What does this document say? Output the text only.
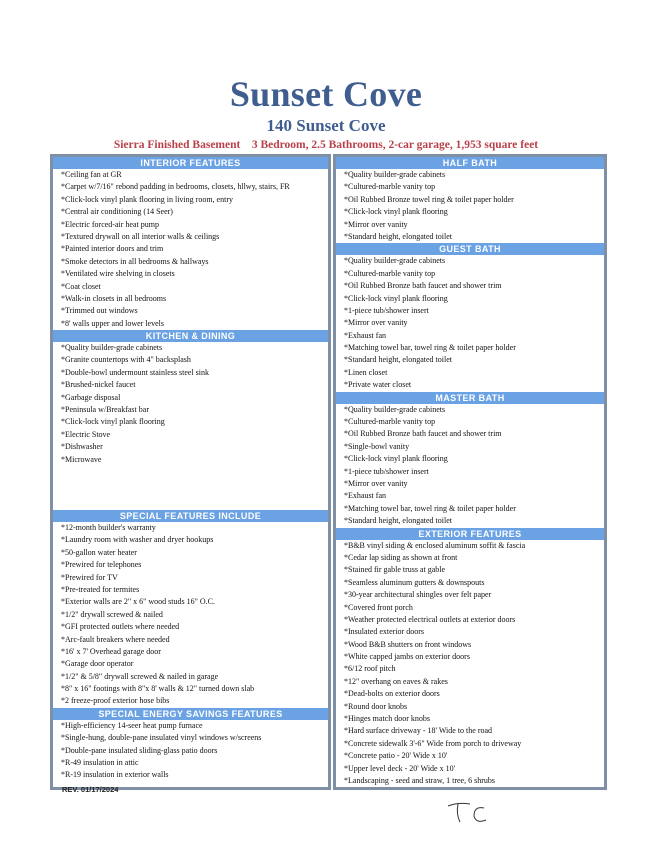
Sunset Cove
140 Sunset Cove
Sierra Finished Basement    3 Bedroom, 2.5 Bathrooms, 2-car garage, 1,953 square feet
INTERIOR FEATURES
*Ceiling fan at GR
*Carpet w/7/16" rebond padding in bedrooms, closets, hllwy, stairs, FR
*Click-lock vinyl plank flooring in living room, entry
*Central air conditioning (14 Seer)
*Electric forced-air heat pump
*Textured drywall on all interior walls & ceilings
*Painted interior doors and trim
*Smoke detectors in all bedrooms & hallways
*Ventilated wire shelving in closets
*Coat closet
*Walk-in closets in all bedrooms
*Trimmed out windows
*8' walls upper and lower levels
KITCHEN & DINING
*Quality builder-grade cabinets
*Granite countertops with 4" backsplash
*Double-bowl undermount stainless steel sink
*Brushed-nickel faucet
*Garbage disposal
*Peninsula w/Breakfast bar
*Click-lock vinyl plank flooring
*Electric Stove
*Dishwasher
*Microwave
SPECIAL FEATURES INCLUDE
*12-month builder's warranty
*Laundry room with washer and dryer hookups
*50-gallon water heater
*Prewired for telephones
*Prewired for TV
*Pre-treated for termites
*Exterior walls are 2" x 6" wood studs 16" O.C.
*1/2" drywall screwed & nailed
*GFI protected outlets where needed
*Arc-fault breakers where needed
*16' x 7' Overhead garage door
*Garage door operator
*1/2" & 5/8" drywall screwed & nailed in garage
*8" x 16" footings with 8"x 8' walls & 12" turned down slab
*2 freeze-proof exterior hose bibs
SPECIAL ENERGY SAVINGS FEATURES
*High-efficiency 14-seer heat pump furnace
*Single-hung, double-pane insulated vinyl windows w/screens
*Double-pane insulated sliding-glass patio doors
*R-49 insulation in attic
*R-19 insulation in exterior walls
HALF BATH
*Quality builder-grade cabinets
*Cultured-marble vanity top
*Oil Rubbed Bronze towel ring & toilet paper holder
*Click-lock vinyl plank flooring
*Mirror over vanity
*Standard height, elongated toilet
GUEST BATH
*Quality builder-grade cabinets
*Cultured-marble vanity top
*Oil Rubbed Bronze bath faucet and shower trim
*Click-lock vinyl plank flooring
*1-piece tub/shower insert
*Mirror over vanity
*Exhaust fan
*Matching towel bar, towel ring & toilet paper holder
*Standard height, elongated toilet
*Linen closet
*Private water closet
MASTER BATH
*Quality builder-grade cabinets
*Cultured-marble vanity top
*Oil Rubbed Bronze bath faucet and shower trim
*Single-bowl vanity
*Click-lock vinyl plank flooring
*1-piece tub/shower insert
*Mirror over vanity
*Exhaust fan
*Matching towel bar, towel ring & toilet paper holder
*Standard height, elongated toilet
EXTERIOR FEATURES
*B&B vinyl siding & enclosed aluminum soffit & fascia
*Cedar lap siding as shown at front
*Stained fir gable truss at gable
*Seamless aluminum gutters & downspouts
*30-year architectural shingles over felt paper
*Covered front porch
*Weather protected electrical outlets at exterior doors
*Insulated exterior doors
*Wood B&B shutters on front windows
*White capped jambs on exterior doors
*6/12 roof pitch
*12" overhang on eaves & rakes
*Dead-bolts on exterior doors
*Round door knobs
*Hinges match door knobs
*Hard surface driveway - 18' Wide to the road
*Concrete sidewalk 3'-6" Wide from porch to driveway
*Concrete patio - 20' Wide x 10'
*Upper level deck - 20' Wide x 10'
*Landscaping - seed and straw, 1 tree, 6 shrubs
REV. 01/17/2024
